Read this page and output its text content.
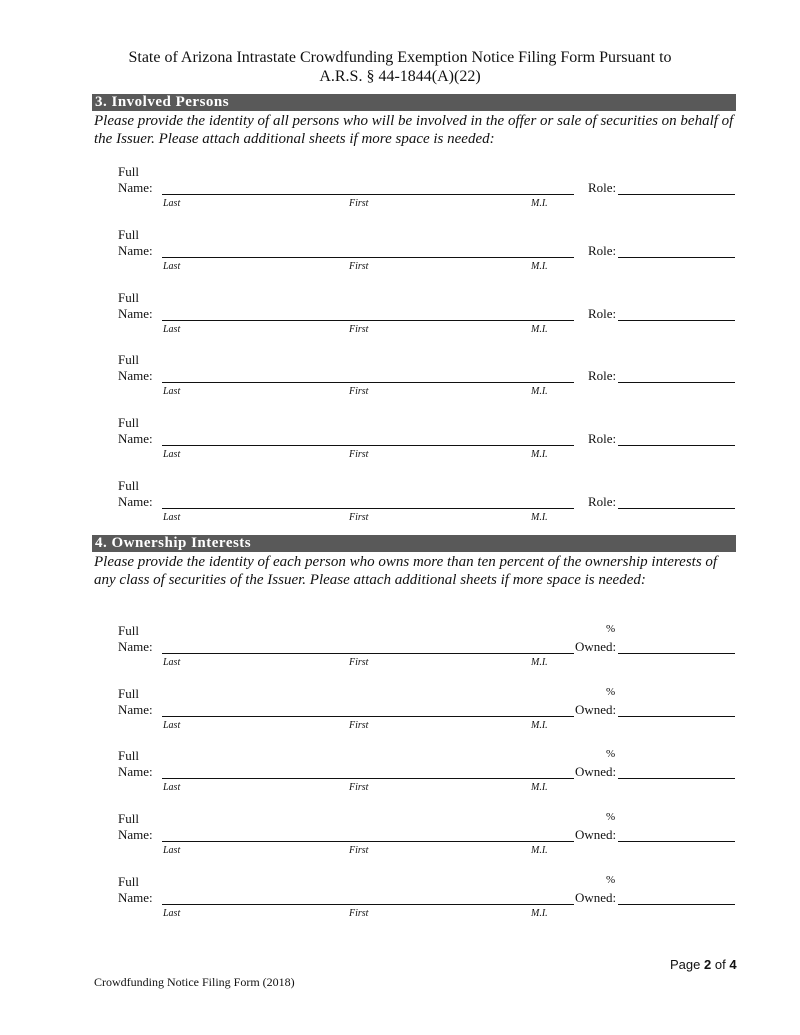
State of Arizona Intrastate Crowdfunding Exemption Notice Filing Form Pursuant to
A.R.S. § 44-1844(A)(22)
3. Involved Persons
Please provide the identity of all persons who will be involved in the offer or sale of securities on behalf of the Issuer. Please attach additional sheets if more space is needed:
Full
Name:
Last	First	M.I.
Role:
Full
Name:
Last	First	M.I.
Role:
Full
Name:
Last	First	M.I.
Role:
Full
Name:
Last	First	M.I.
Role:
Full
Name:
Last	First	M.I.
Role:
Full
Name:
Last	First	M.I.
Role:
4. Ownership Interests
Please provide the identity of each person who owns more than ten percent of the ownership interests of any class of securities of the Issuer. Please attach additional sheets if more space is needed:
Full
Name:
Last	First	M.I.
%
Owned:
Full
Name:
Last	First	M.I.
%
Owned:
Full
Name:
Last	First	M.I.
%
Owned:
Full
Name:
Last	First	M.I.
%
Owned:
Full
Name:
Last	First	M.I.
%
Owned:
Page 2 of 4
Crowdfunding Notice Filing Form (2018)
